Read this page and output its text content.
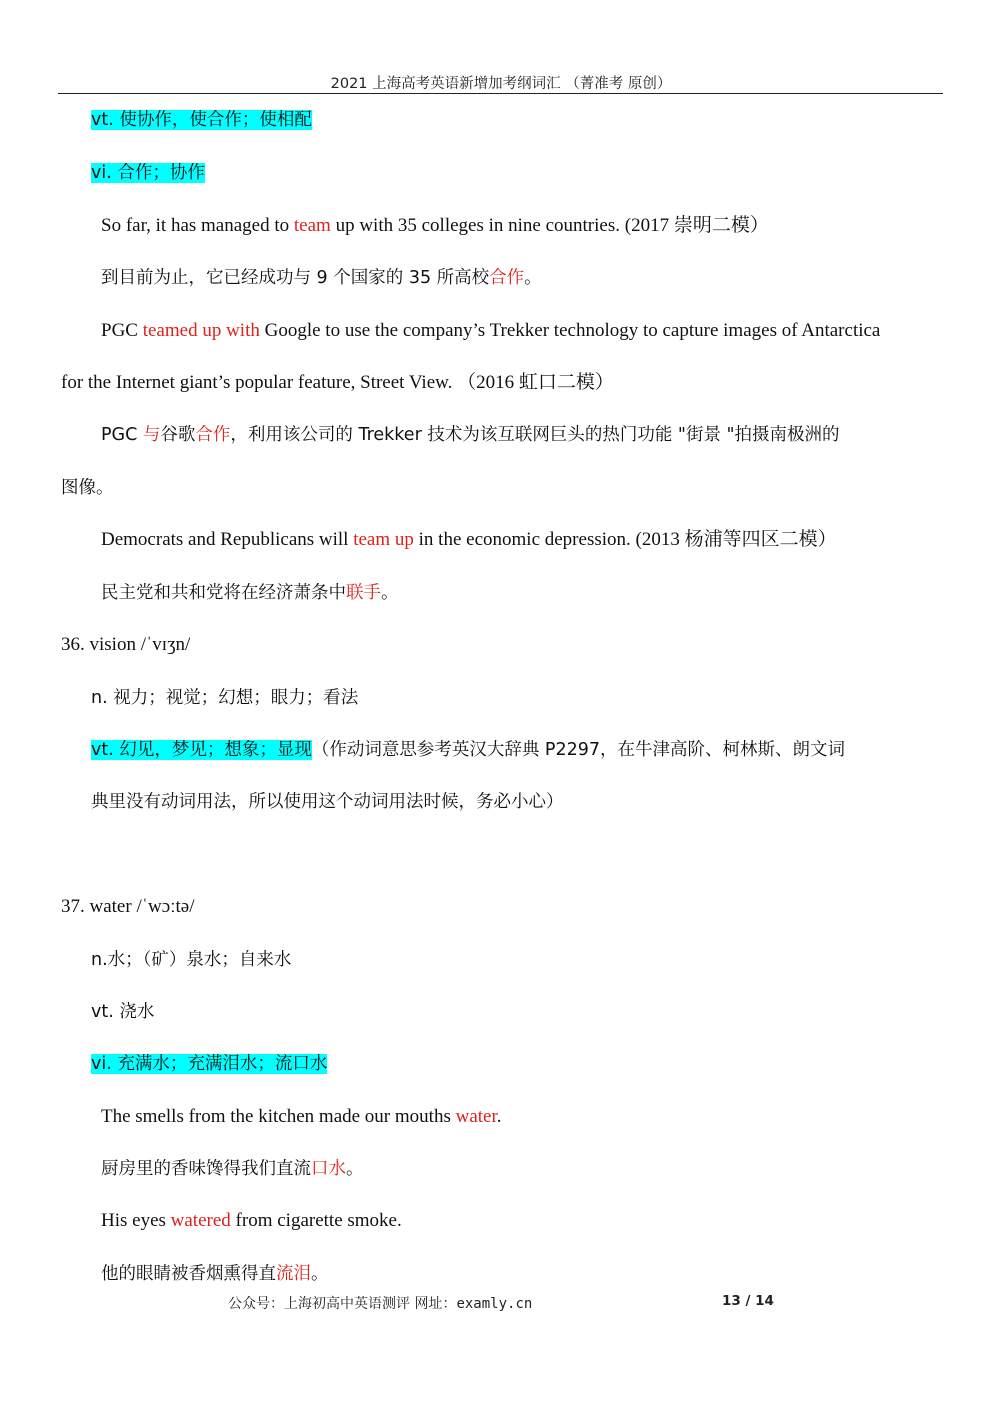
2021 上海高考英语新增加考纲词汇 （菁准考 原创）
vt. 使协作，使合作；使相配
vi. 合作；协作
So far, it has managed to team up with 35 colleges in nine countries. (2017 崇明二模）
到目前为止，它已经成功与 9 个国家的 35 所高校合作。
PGC teamed up with Google to use the company’s Trekker technology to capture images of Antarctica
for the Internet giant’s popular feature, Street View. （2016 虹口二模）
PGC 与谷歌合作，利用该公司的 Trekker 技术为该互联网巨头的热门功能 "街景 "拍摄南极洲的
图像。
Democrats and Republicans will team up in the economic depression. (2013 杨浦等四区二模）
民主党和共和党将在经济萧条中联手。
36. vision /ˈvɪʒn/
n. 视力；视觉；幻想；眼力；看法
vt. 幻见，梦见；想象；显现（作动词意思参考英汉大辞典 P2297，在牛津高阶、柯林斯、朗文词
典里没有动词用法，所以使用这个动词用法时候，务必小心）
37. water /ˈwɔːtə/
n.水；（矿）泉水；自来水
vt. 浇水
vi. 充满水；充满泪水；流口水
The smells from the kitchen made our mouths water.
厨房里的香味馋得我们直流口水。
His eyes watered from cigarette smoke.
他的眼睛被香烟熏得直流泪。
公众号：上海初高中英语测评 网址：examly.cn	13 / 14
